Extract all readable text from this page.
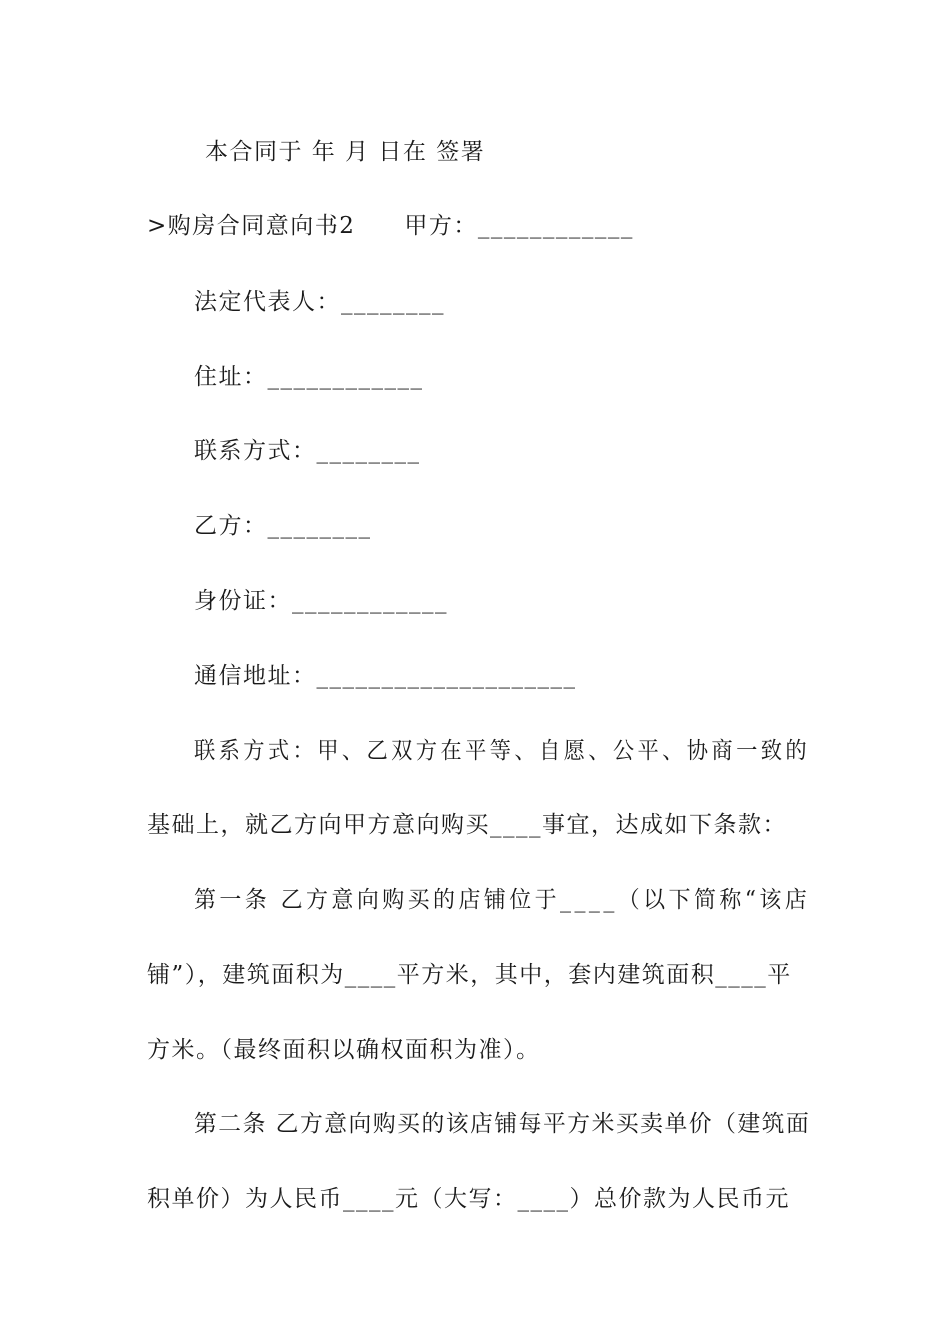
本合同于 年 月 日在 签署
>购房合同意向书2　　甲方：____________
法定代表人：________
住址：____________
联系方式：________
乙方：________
身份证：____________
通信地址：____________________
联系方式：甲、乙双方在平等、自愿、公平、协商一致的
基础上，就乙方向甲方意向购买____事宜，达成如下条款：
第一条 乙方意向购买的店铺位于____（以下简称“该店
铺”），建筑面积为____平方米，其中，套内建筑面积____平
方米。（最终面积以确权面积为准）。
第二条 乙方意向购买的该店铺每平方米买卖单价（建筑面
积单价）为人民币____元（大写：____）总价款为人民币元
